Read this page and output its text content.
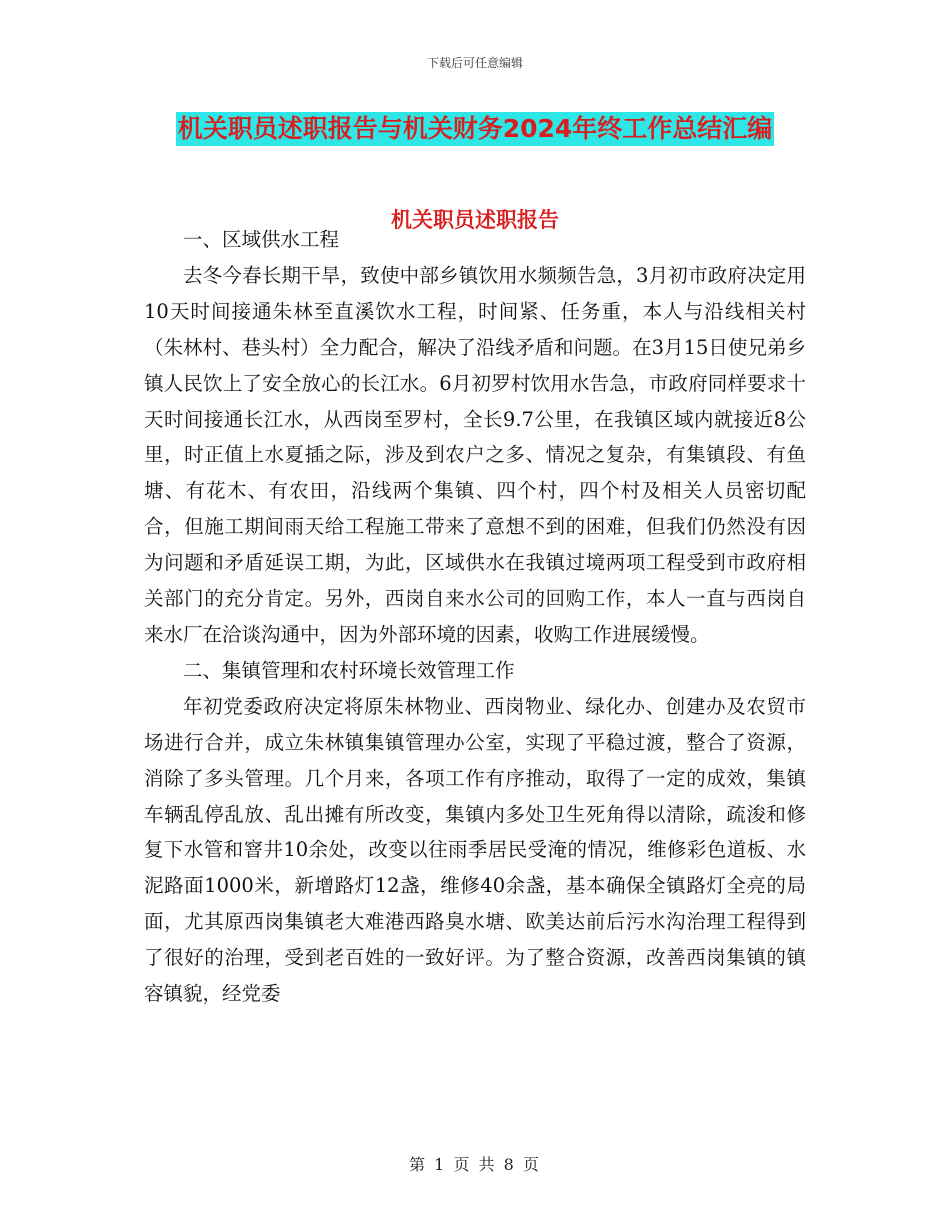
下载后可任意编辑
机关职员述职报告与机关财务2024年终工作总结汇编
机关职员述职报告

一、区域供水工程

去冬今春长期干旱，致使中部乡镇饮用水频频告急，3月初市政府决定用10天时间接通朱林至直溪饮水工程，时间紧、任务重，本人与沿线相关村（朱林村、巷头村）全力配合，解决了沿线矛盾和问题。在3月15日使兄弟乡镇人民饮上了安全放心的长江水。6月初罗村饮用水告急，市政府同样要求十天时间接通长江水，从西岗至罗村，全长9.7公里，在我镇区域内就接近8公里，时正值上水夏插之际，涉及到农户之多、情况之复杂，有集镇段、有鱼塘、有花木、有农田，沿线两个集镇、四个村，四个村及相关人员密切配合，但施工期间雨天给工程施工带来了意想不到的困难，但我们仍然没有因为问题和矛盾延误工期，为此，区域供水在我镇过境两项工程受到市政府相关部门的充分肯定。另外，西岗自来水公司的回购工作，本人一直与西岗自来水厂在洽谈沟通中，因为外部环境的因素，收购工作进展缓慢。

二、集镇管理和农村环境长效管理工作

年初党委政府决定将原朱林物业、西岗物业、绿化办、创建办及农贸市场进行合并，成立朱林镇集镇管理办公室，实现了平稳过渡，整合了资源，消除了多头管理。几个月来，各项工作有序推动，取得了一定的成效，集镇车辆乱停乱放、乱出摊有所改变，集镇内多处卫生死角得以清除，疏浚和修复下水管和窨井10余处，改变以往雨季居民受淹的情况，维修彩色道板、水泥路面1000米，新增路灯12盏，维修40余盏，基本确保全镇路灯全亮的局面，尤其原西岗集镇老大难港西路臭水塘、欧美达前后污水沟治理工程得到了很好的治理，受到老百姓的一致好评。为了整合资源，改善西岗集镇的镇容镇貌，经党委

第 1 页 共 8 页
